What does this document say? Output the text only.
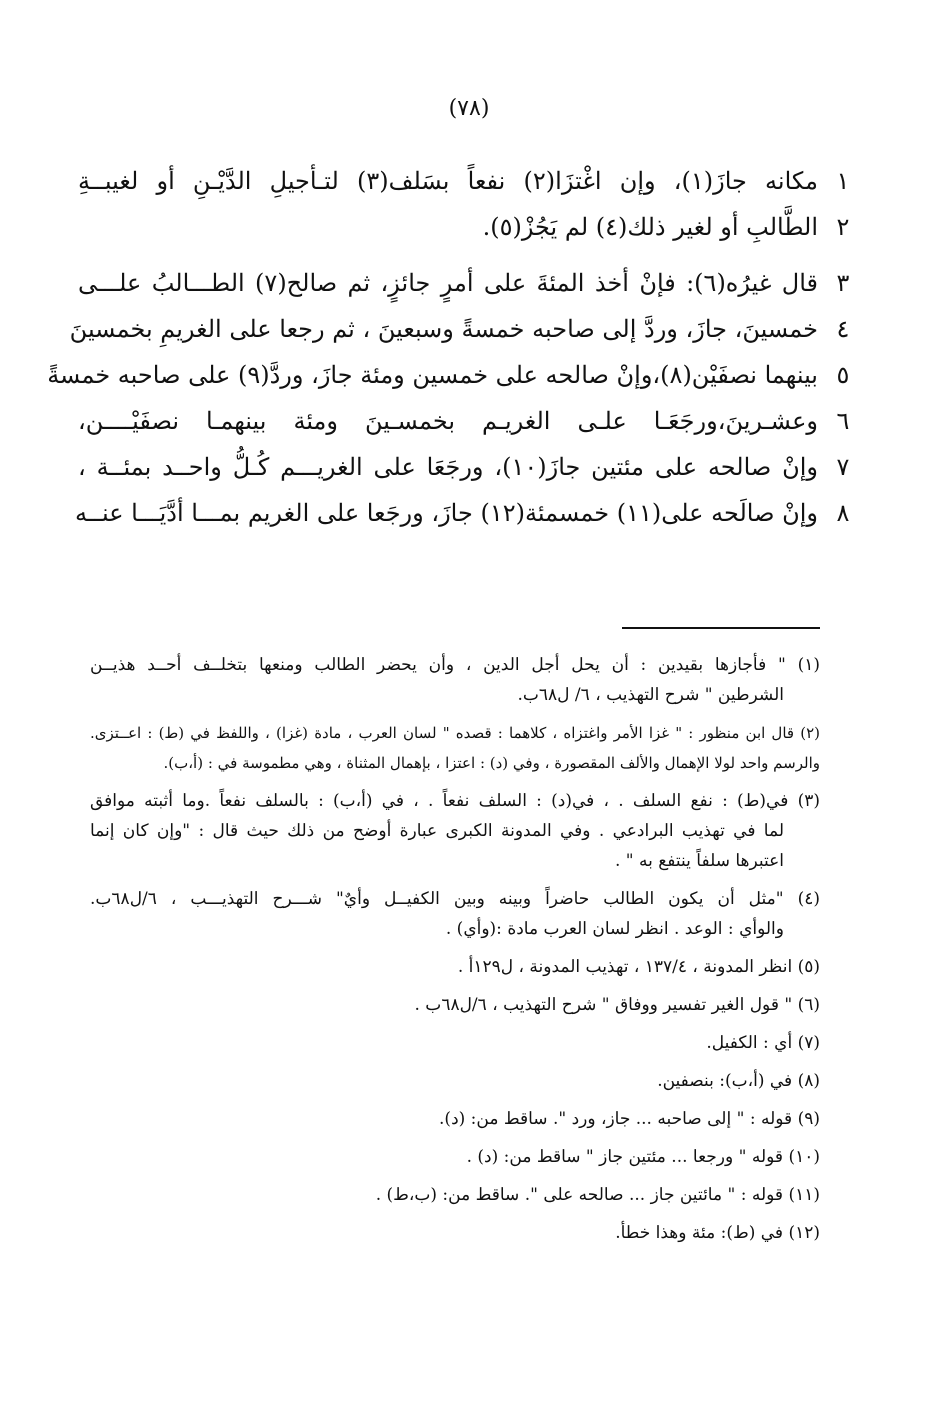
(٧٨)
١
مكانه جازَ(١)، وإن اغْتزَا(٢) نفعاً بسَلف(٣) لتـأجيلِ الدَّيْـنِ أو لغيبــةِ
٢
الطَّالبِ أو لغير ذلك(٤) لم يَجُزْ(٥).
٣
قال غيرُه(٦): فإنْ أخذ المئةَ على أمرٍ جائزٍ، ثم صالح(٧) الطـــالبُ علـــى
٤
خمسينَ، جازَ، وردَّ إلى صاحبه خمسةً وسبعينَ ، ثم رجعا على الغريمِ بخمسينَ
٥
بينهما نصفَيْن(٨)،وإنْ صالحه على خمسين ومئة جازَ، وردَّ(٩) على صاحبه خمسةً
٦
وعشـرينَ،ورجَعَـا علـى الغريـم بخمسـينَ ومئة بينهمـا نصفَيْــــن،
٧
وإنْ صالحه على مئتين جازَ(١٠)، ورجَعَا على الغريـــم كُـلُّ واحــد بمئــة ،
٨
وإنْ صالَحه على(١١) خمسمئة(١٢) جازَ، ورجَعا على الغريم بمـــا أدَّيَـــا عنــه
(١) " فأجازها بقيدين : أن يحل أجل الدين ، وأن يحضر الطالب ومنعها بتخلــف أحــد هذيــن
الشرطين " شرح التهذيب ، ٦/ ل٦٨ب.
(٢) قال ابن منظور : " غزا الأمر واغتزاه ، كلاهما : قصده " لسان العرب ، مادة (غزا) ، واللفظ في (ط) : اعــتزى.
والرسم واحد لولا الإهمال والألف المقصورة ، وفي (د) : اعتزا ، بإهمال المثناة ، وهي مطموسة في : (أ،ب).
(٣) في(ط) : نفع السلف . ، في(د) : السلف نفعاً . ، في (أ،ب) : بالسلف نفعاً .وما أثبته موافق
لما في تهذيب البرادعي . وفي المدونة الكبرى عبارة أوضح من ذلك حيث قال : "وإن كان إنما
اعتبرها سلفاً ينتفع به " .
(٤) "مثل أن يكون الطالب حاضراً وبينه وبين الكفيــل وأيٌ" شـــرح التهذيـــب ، ٦/ل٦٨ب.
والوأي : الوعد . انظر لسان العرب مادة :(وأي) .
(٥) انظر المدونة ، ١٣٧/٤ ، تهذيب المدونة ، ل١٢٩أ .
(٦) " قول الغير تفسير ووفاق " شرح التهذيب ، ٦/ل٦٨ب .
(٧) أي : الكفيل.
(٨) في (أ،ب): بنصفين.
(٩) قوله : " إلى صاحبه ... جاز، ورد ". ساقط من: (د).
(١٠) قوله " ورجعا ... مئتين جاز " ساقط من: (د) .
(١١) قوله : " مائتين جاز ... صالحه على ". ساقط من: (ب،ط) .
(١٢) في (ط): مئة وهذا خطأ.
